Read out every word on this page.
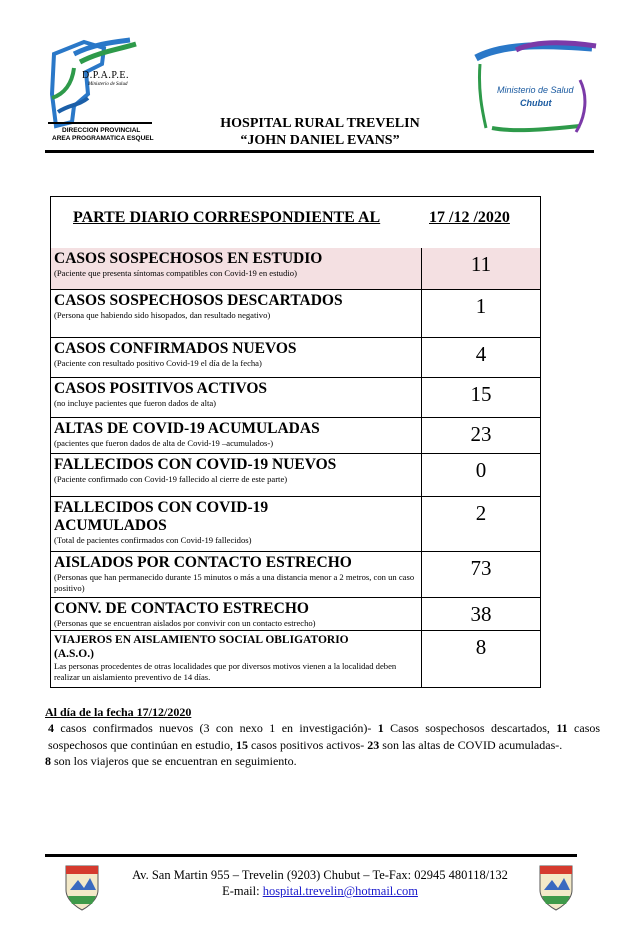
D.P.A.P.E.
Ministerio de Salud
DIRECCION PROVINCIAL
AREA PROGRAMATICA ESQUEL
Ministerio de Salud
Chubut
HOSPITAL RURAL TREVELIN
“JOHN DANIEL EVANS”
PARTE DIARIO CORRESPONDIENTE AL	17 /12 /2020
CASOS SOSPECHOSOS EN ESTUDIO
(Paciente que presenta síntomas compatibles con Covid-19 en estudio)	11
CASOS SOSPECHOSOS DESCARTADOS
(Persona que habiendo sido hisopados, dan resultado negativo)	1
CASOS CONFIRMADOS NUEVOS
(Paciente con resultado positivo Covid-19 el día de la fecha)	4
CASOS POSITIVOS ACTIVOS
(no incluye pacientes que fueron dados de alta)	15
ALTAS DE COVID-19 ACUMULADAS
(pacientes que fueron dados de alta de Covid-19 –acumulados-)	23
FALLECIDOS CON COVID-19 NUEVOS
(Paciente confirmado con Covid-19 fallecido al cierre de este parte)	0
FALLECIDOS CON COVID-19 ACUMULADOS
(Total de pacientes confirmados con Covid-19 fallecidos)
2
AISLADOS POR CONTACTO ESTRECHO
(Personas que han permanecido durante 15 minutos o más a una distancia menor a 2 metros, con un caso positivo)
73
CONV. DE CONTACTO ESTRECHO
(Personas que se encuentran aislados por convivir con un contacto estrecho)	38
VIAJEROS EN AISLAMIENTO SOCIAL OBLIGATORIO (A.S.O.)
Las personas procedentes de otras localidades que por diversos motivos vienen a la localidad deben realizar un aislamiento preventivo de 14 días.
8
Al día de la fecha 17/12/2020

4 casos confirmados nuevos (3 con nexo 1 en investigación)- 1 Casos sospechosos descartados, 11 casos sospechosos que continúan en estudio, 15 casos positivos activos- 23 son las altas de COVID acumuladas-.

8 son los viajeros que se encuentran en seguimiento.

Av. San Martin 955 – Trevelin (9203) Chubut – Te-Fax: 02945 480118/132
E-mail: hospital.trevelin@hotmail.com
